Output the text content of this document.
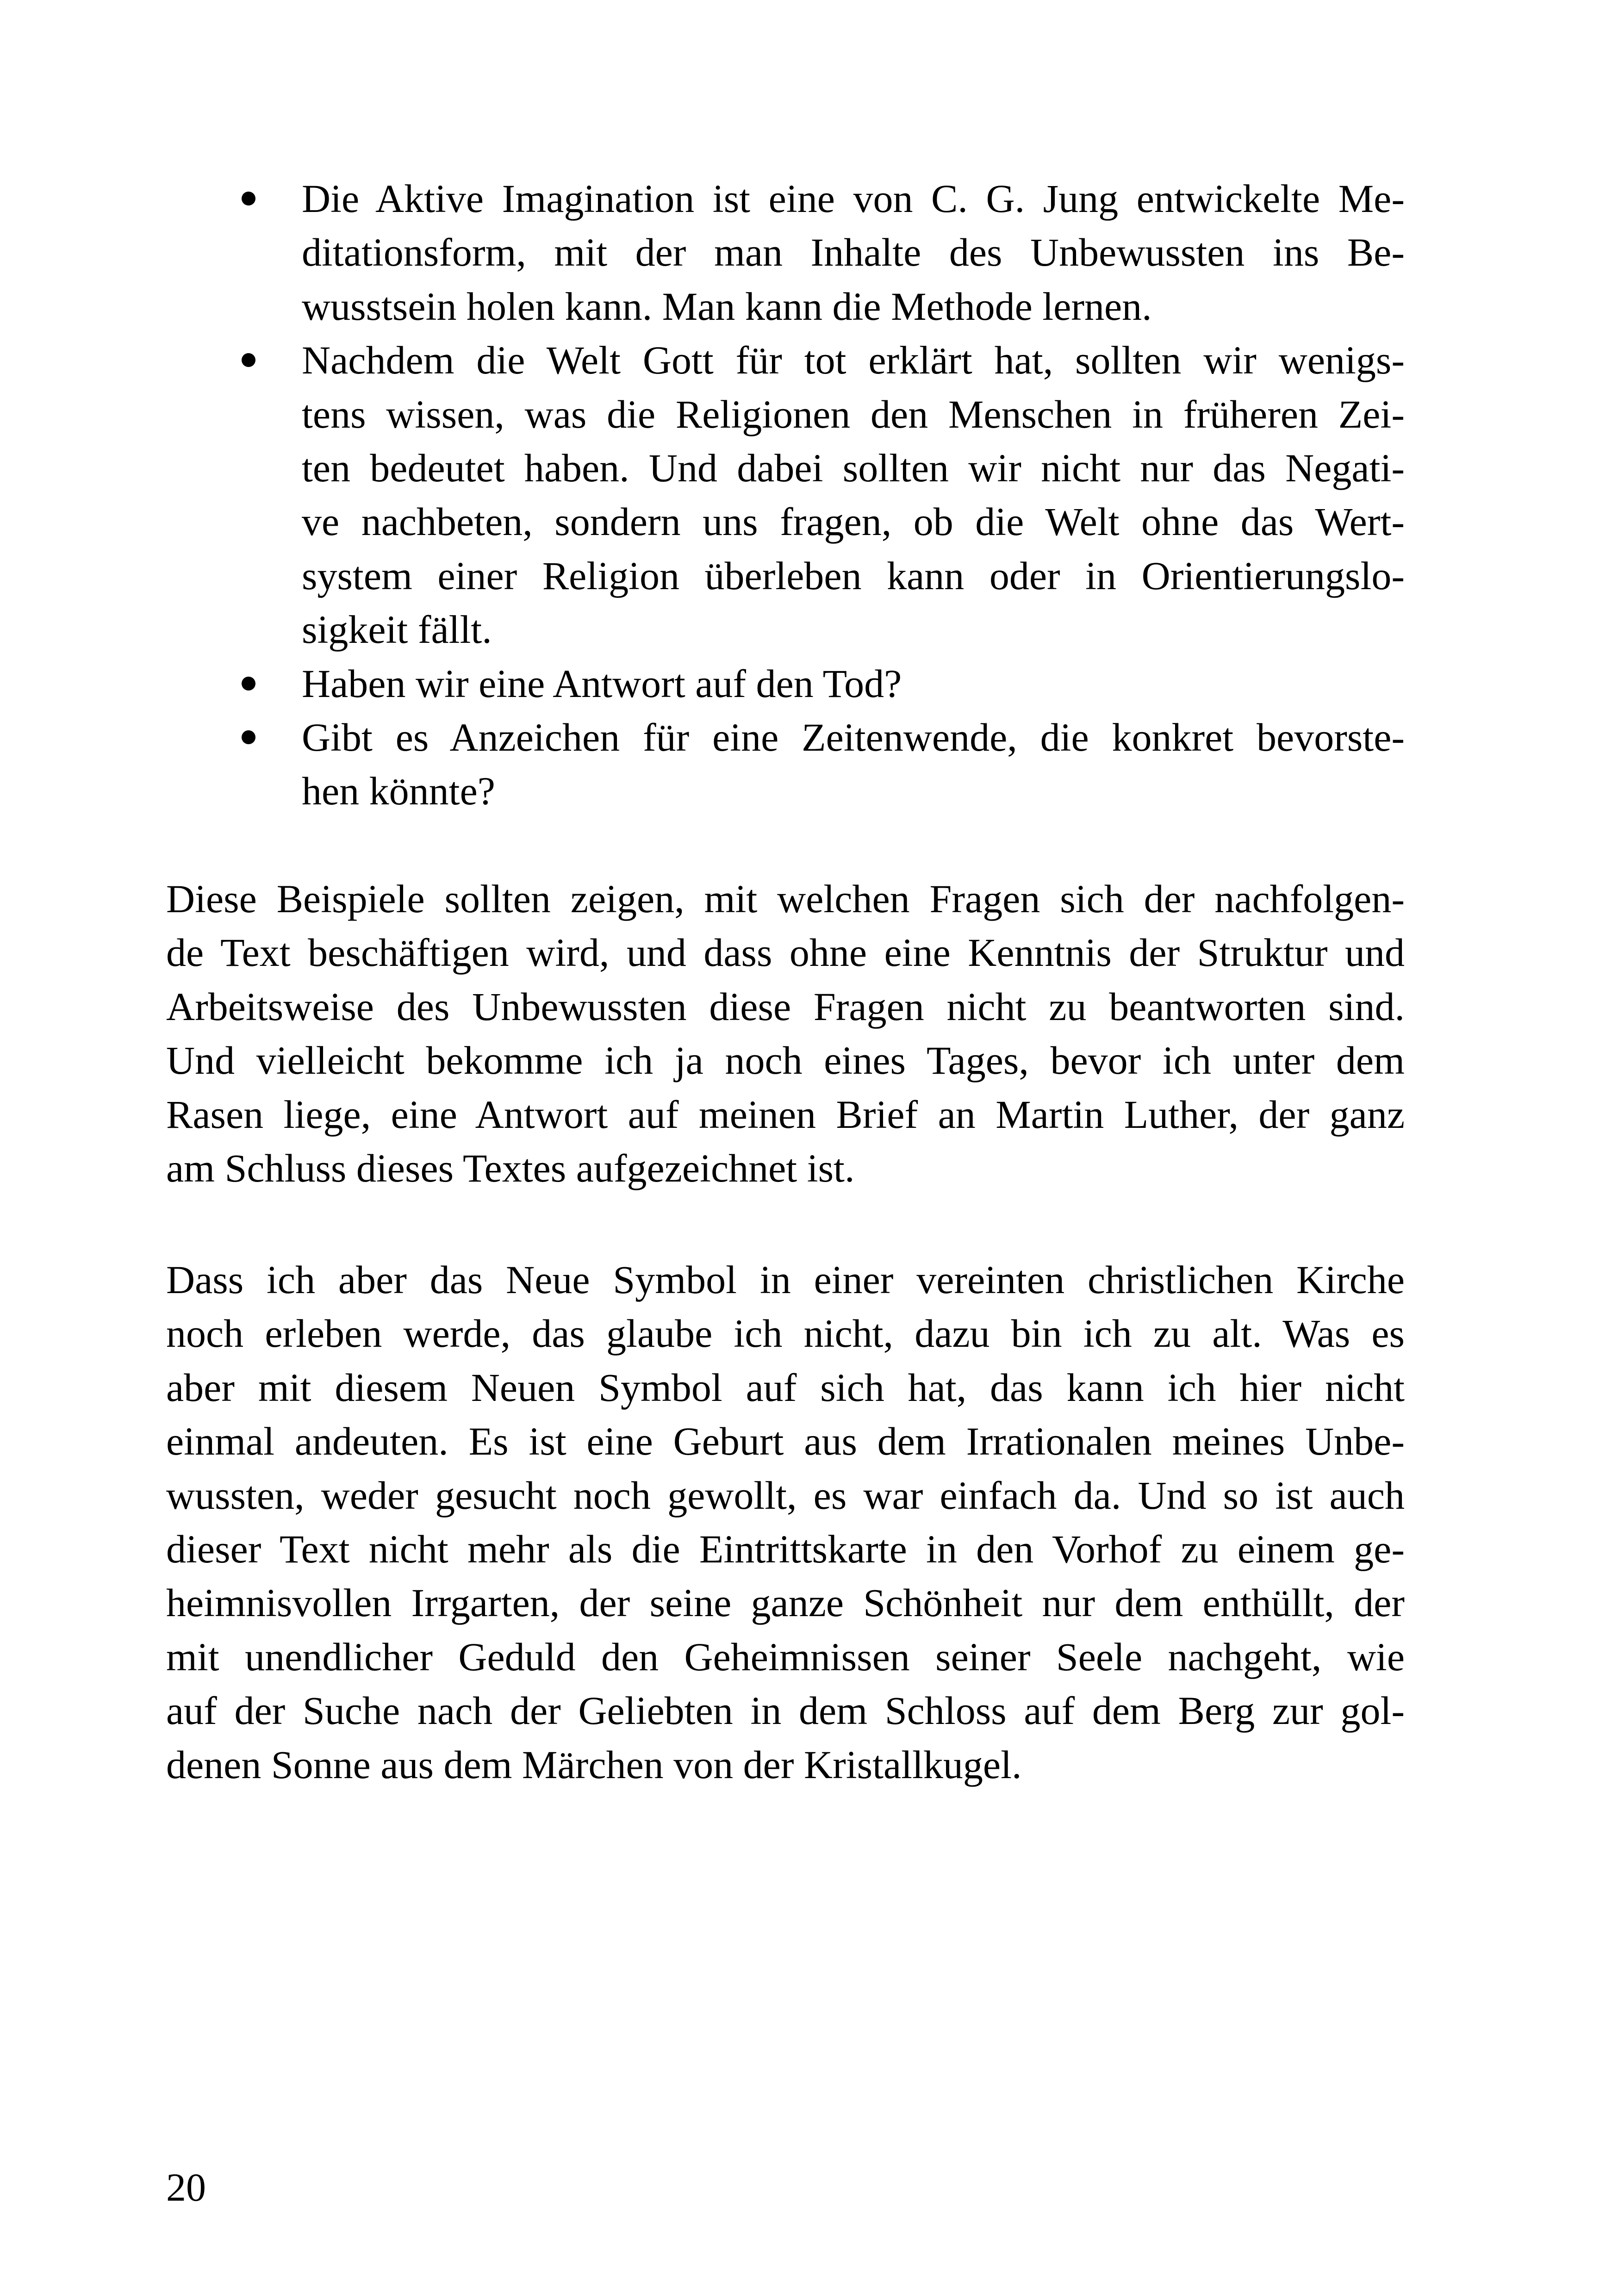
Die Aktive Imagination ist eine von C. G. Jung entwickelte Me-
ditationsform, mit der man Inhalte des Unbewussten ins Be-
wusstsein holen kann. Man kann die Methode lernen.
Nachdem die Welt Gott für tot erklärt hat, sollten wir wenigs-
tens wissen, was die Religionen den Menschen in früheren Zei-
ten bedeutet haben. Und dabei sollten wir nicht nur das Negati-
ve nachbeten, sondern uns fragen, ob die Welt ohne das Wert-
system einer Religion überleben kann oder in Orientierungslo-
sigkeit fällt.
Haben wir eine Antwort auf den Tod?
Gibt es Anzeichen für eine Zeitenwende, die konkret bevorste-
hen könnte?
Diese Beispiele sollten zeigen, mit welchen Fragen sich der nachfolgen-
de Text beschäftigen wird, und dass ohne eine Kenntnis der Struktur und
Arbeitsweise des Unbewussten diese Fragen nicht zu beantworten sind.
Und vielleicht bekomme ich ja noch eines Tages, bevor ich unter dem
Rasen liege, eine Antwort auf meinen Brief an Martin Luther, der ganz
am Schluss dieses Textes aufgezeichnet ist.
Dass ich aber das Neue Symbol in einer vereinten christlichen Kirche
noch erleben werde, das glaube ich nicht, dazu bin ich zu alt. Was es
aber mit diesem Neuen Symbol auf sich hat, das kann ich hier nicht
einmal andeuten. Es ist eine Geburt aus dem Irrationalen meines Unbe-
wussten, weder gesucht noch gewollt, es war einfach da. Und so ist auch
dieser Text nicht mehr als die Eintrittskarte in den Vorhof zu einem ge-
heimnisvollen Irrgarten, der seine ganze Schönheit nur dem enthüllt, der
mit unendlicher Geduld den Geheimnissen seiner Seele nachgeht, wie
auf der Suche nach der Geliebten in dem Schloss auf dem Berg zur gol-
denen Sonne aus dem Märchen von der Kristallkugel.
20
